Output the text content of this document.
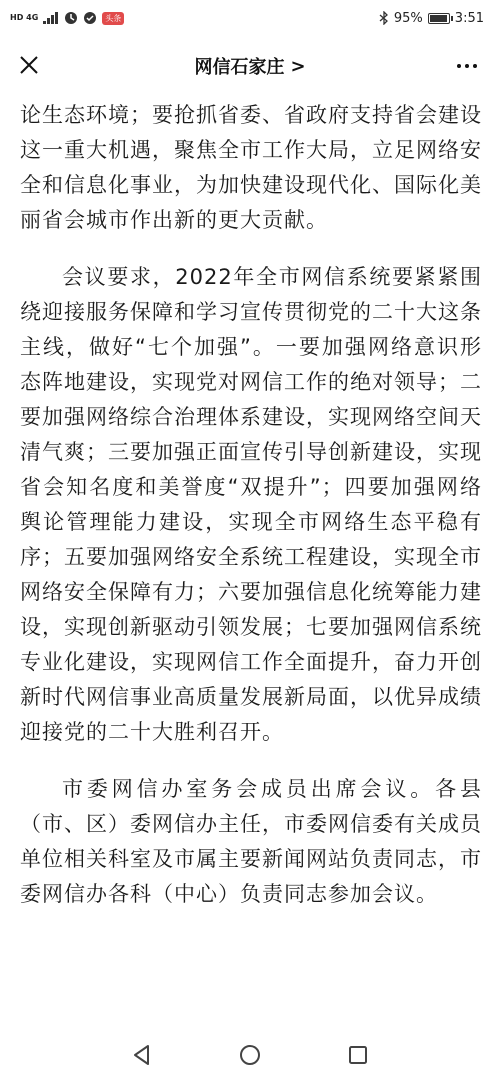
HD 4G	头条	95% 3:51
网信石家庄 >

论生态环境；要抢抓省委、省政府支持省会建设这一重大机遇，聚焦全市工作大局，立足网络安全和信息化事业，为加快建设现代化、国际化美丽省会城市作出新的更大贡献。

会议要求，2022年全市网信系统要紧紧围绕迎接服务保障和学习宣传贯彻党的二十大这条主线，做好“七个加强”。一要加强网络意识形态阵地建设，实现党对网信工作的绝对领导；二要加强网络综合治理体系建设，实现网络空间天清气爽；三要加强正面宣传引导创新建设，实现省会知名度和美誉度“双提升”；四要加强网络舆论管理能力建设，实现全市网络生态平稳有序；五要加强网络安全系统工程建设，实现全市网络安全保障有力；六要加强信息化统筹能力建设，实现创新驱动引领发展；七要加强网信系统专业化建设，实现网信工作全面提升，奋力开创新时代网信事业高质量发展新局面，以优异成绩迎接党的二十大胜利召开。

市委网信办室务会成员出席会议。各县（市、区）委网信办主任，市委网信委有关成员单位相关科室及市属主要新闻网站负责同志，市委网信办各科（中心）负责同志参加会议。
